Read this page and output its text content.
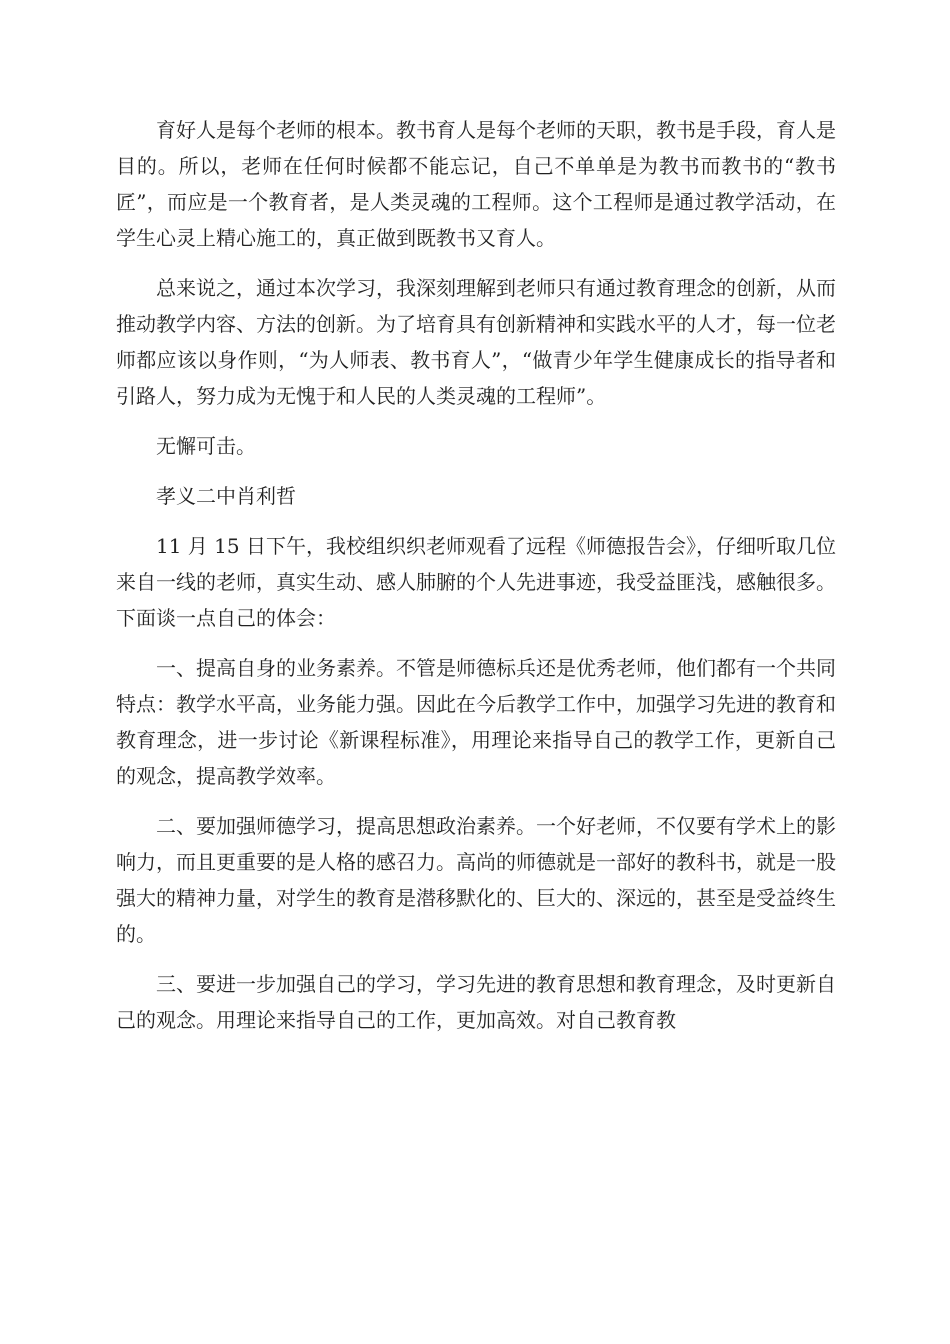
育好人是每个老师的根本。教书育人是每个老师的天职，教书是手段，育人是目的。所以，老师在任何时候都不能忘记，自己不单单是为教书而教书的“教书匠”，而应是一个教育者，是人类灵魂的工程师。这个工程师是通过教学活动，在学生心灵上精心施工的，真正做到既教书又育人。

总来说之，通过本次学习，我深刻理解到老师只有通过教育理念的创新，从而推动教学内容、方法的创新。为了培育具有创新精神和实践水平的人才，每一位老师都应该以身作则，“为人师表、教书育人”，“做青少年学生健康成长的指导者和引路人，努力成为无愧于和人民的人类灵魂的工程师”。

无懈可击。

孝义二中肖利哲

11 月 15 日下午，我校组织织老师观看了远程《师德报告会》，仔细听取几位来自一线的老师，真实生动、感人肺腑的个人先进事迹，我受益匪浅，感触很多。下面谈一点自己的体会：

一、提高自身的业务素养。不管是师德标兵还是优秀老师，他们都有一个共同特点：教学水平高，业务能力强。因此在今后教学工作中，加强学习先进的教育和教育理念，进一步讨论《新课程标准》，用理论来指导自己的教学工作，更新自己的观念，提高教学效率。

二、要加强师德学习，提高思想政治素养。一个好老师，不仅要有学术上的影响力，而且更重要的是人格的感召力。高尚的师德就是一部好的教科书，就是一股强大的精神力量，对学生的教育是潜移默化的、巨大的、深远的，甚至是受益终生的。

三、要进一步加强自己的学习，学习先进的教育思想和教育理念，及时更新自己的观念。用理论来指导自己的工作，更加高效。对自己教育教
